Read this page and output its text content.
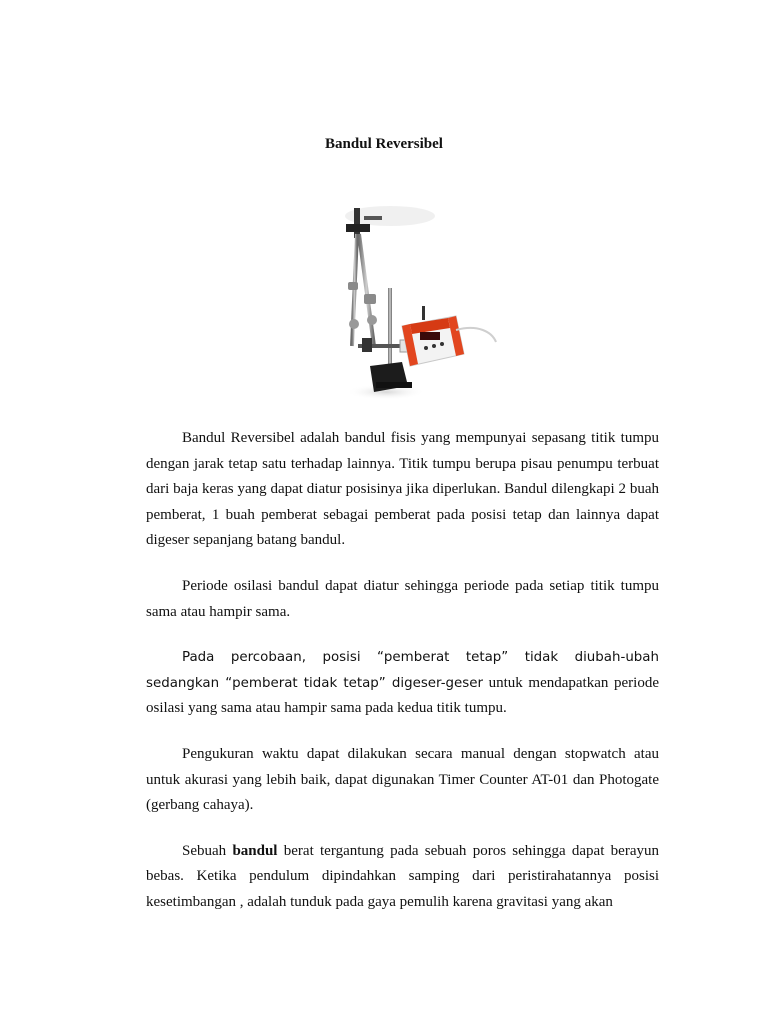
Bandul Reversibel

Bandul Reversibel adalah bandul fisis yang mempunyai sepasang titik tumpu dengan jarak tetap satu terhadap lainnya. Titik tumpu berupa pisau penumpu terbuat dari baja keras yang dapat diatur posisinya jika diperlukan. Bandul dilengkapi 2 buah pemberat, 1 buah pemberat sebagai pemberat pada posisi tetap dan lainnya dapat digeser sepanjang batang bandul.

Periode osilasi bandul dapat diatur sehingga periode pada setiap titik tumpu sama atau hampir sama.

Pada percobaan, posisi “pemberat tetap” tidak diubah-ubah sedangkan “pemberat tidak tetap” digeser-geser untuk mendapatkan periode osilasi yang sama atau hampir sama pada kedua titik tumpu.

Pengukuran waktu dapat dilakukan secara manual dengan stopwatch atau untuk akurasi yang lebih baik, dapat digunakan Timer Counter AT-01 dan Photogate (gerbang cahaya).

Sebuah bandul berat tergantung pada sebuah poros sehingga dapat berayun bebas. Ketika pendulum dipindahkan samping dari peristirahatannya posisi kesetimbangan , adalah tunduk pada gaya pemulih karena gravitasi yang akan
